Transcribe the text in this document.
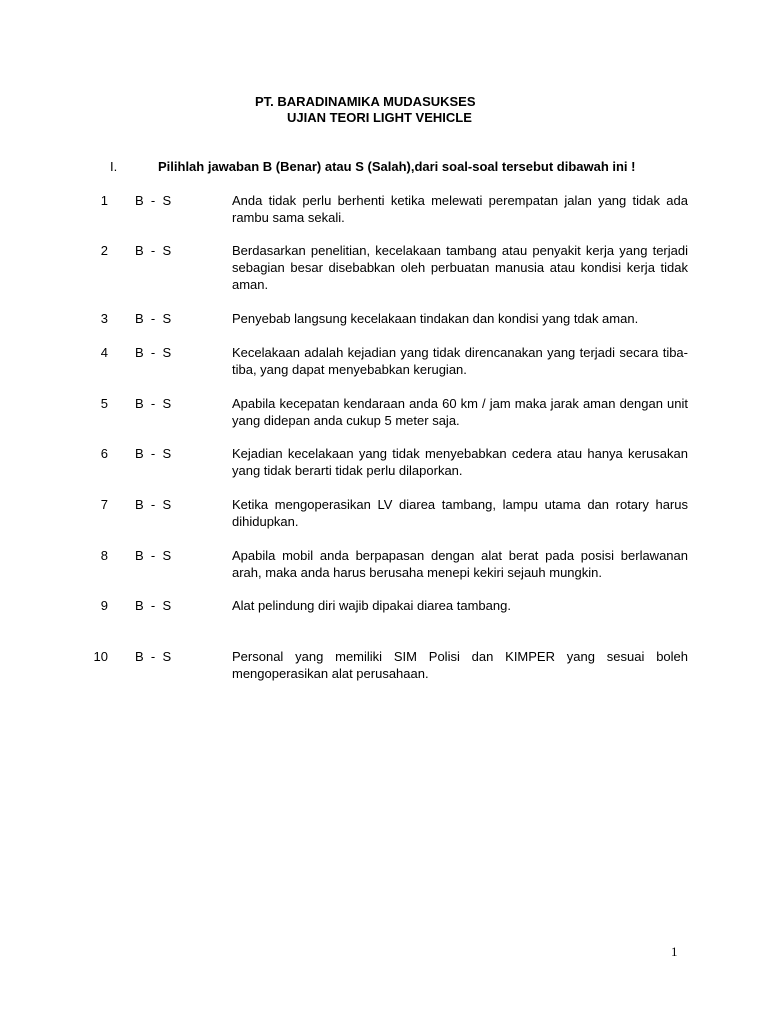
PT. BARADINAMIKA MUDASUKSES
UJIAN TEORI LIGHT VEHICLE
I.	Pilihlah jawaban B (Benar) atau S (Salah),dari soal-soal tersebut dibawah ini !
1 B  -  S	Anda tidak perlu berhenti ketika melewati perempatan jalan yang tidak ada rambu sama sekali.
2 B  -  S	Berdasarkan penelitian, kecelakaan tambang atau penyakit kerja yang terjadi sebagian besar disebabkan oleh perbuatan manusia atau kondisi kerja tidak aman.
3 B  -  S	Penyebab langsung kecelakaan tindakan dan kondisi yang tdak aman.
4 B  -  S	Kecelakaan adalah kejadian yang tidak direncanakan yang terjadi secara tiba-tiba, yang dapat menyebabkan kerugian.
5 B  -  S	Apabila kecepatan kendaraan anda 60 km / jam maka jarak aman dengan unit yang didepan anda cukup 5 meter saja.
6 B  -  S	Kejadian kecelakaan yang tidak menyebabkan cedera atau hanya kerusakan yang tidak berarti tidak perlu dilaporkan.
7 B  -  S	Ketika mengoperasikan LV diarea tambang, lampu utama dan rotary harus dihidupkan.
8 B  -  S	Apabila mobil anda berpapasan dengan alat berat pada posisi berlawanan arah, maka anda harus berusaha menepi kekiri sejauh mungkin.
9 B  -  S	Alat pelindung diri wajib dipakai diarea tambang.
10 B  -  S	Personal yang memiliki SIM Polisi dan KIMPER yang sesuai boleh mengoperasikan alat perusahaan.
1
